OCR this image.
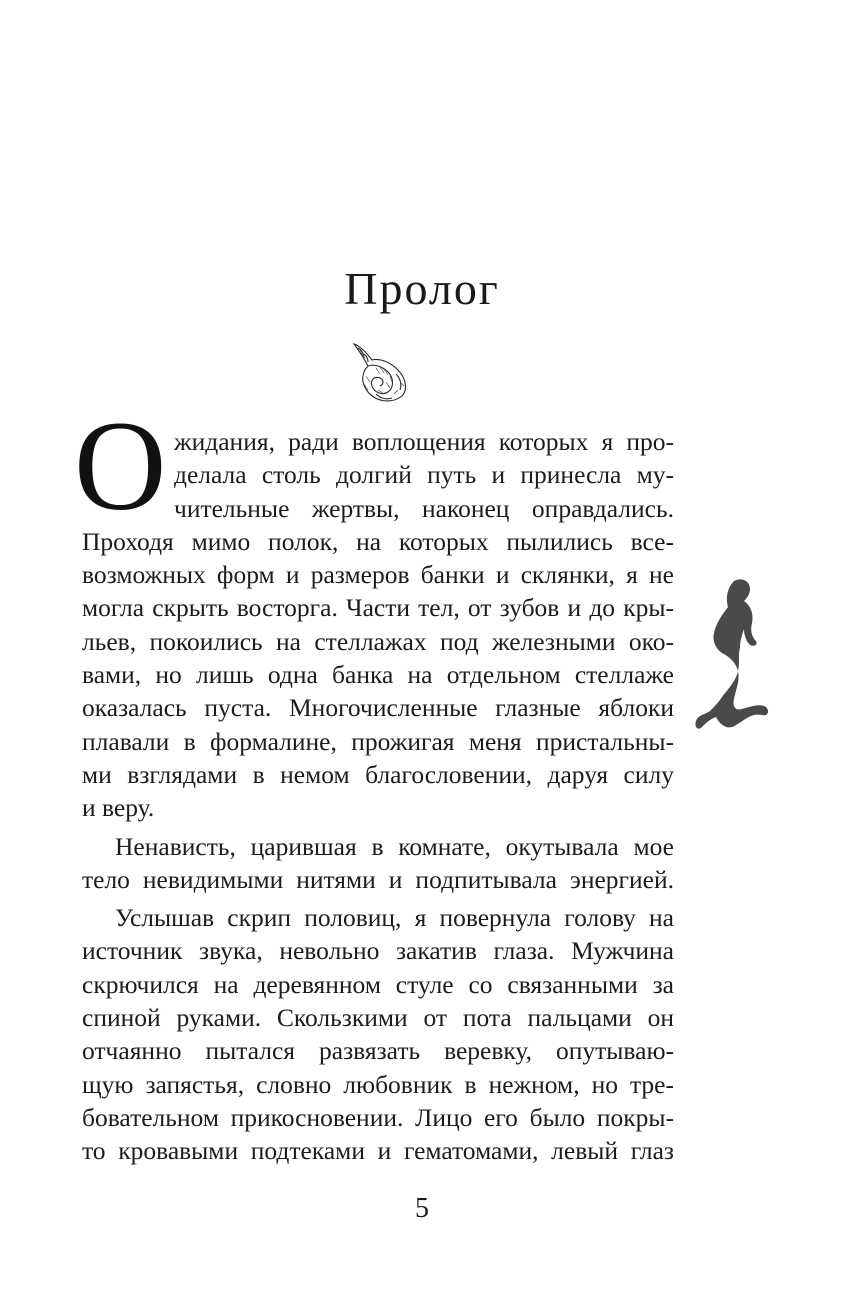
Пролог
О жидания, ради воплощения которых я про-
делала столь долгий путь и принесла му-
чительные жертвы, наконец оправдались.
Проходя мимо полок, на которых пылились все-
возможных форм и размеров банки и склянки, я не
могла скрыть восторга. Части тел, от зубов и до кры-
льев, покоились на стеллажах под железными око-
вами, но лишь одна банка на отдельном стеллаже
оказалась пуста. Многочисленные глазные яблоки
плавали в формалине, прожигая меня пристальны-
ми взглядами в немом благословении, даруя силу
и веру.
Ненависть, царившая в комнате, окутывала мое
тело невидимыми нитями и подпитывала энергией.
Услышав скрип половиц, я повернула голову на
источник звука, невольно закатив глаза. Мужчина
скрючился на деревянном стуле со связанными за
спиной руками. Скользкими от пота пальцами он
отчаянно пытался развязать веревку, опутываю-
щую запястья, словно любовник в нежном, но тре-
бовательном прикосновении. Лицо его было покры-
то кровавыми подтеками и гематомами, левый глаз
5
